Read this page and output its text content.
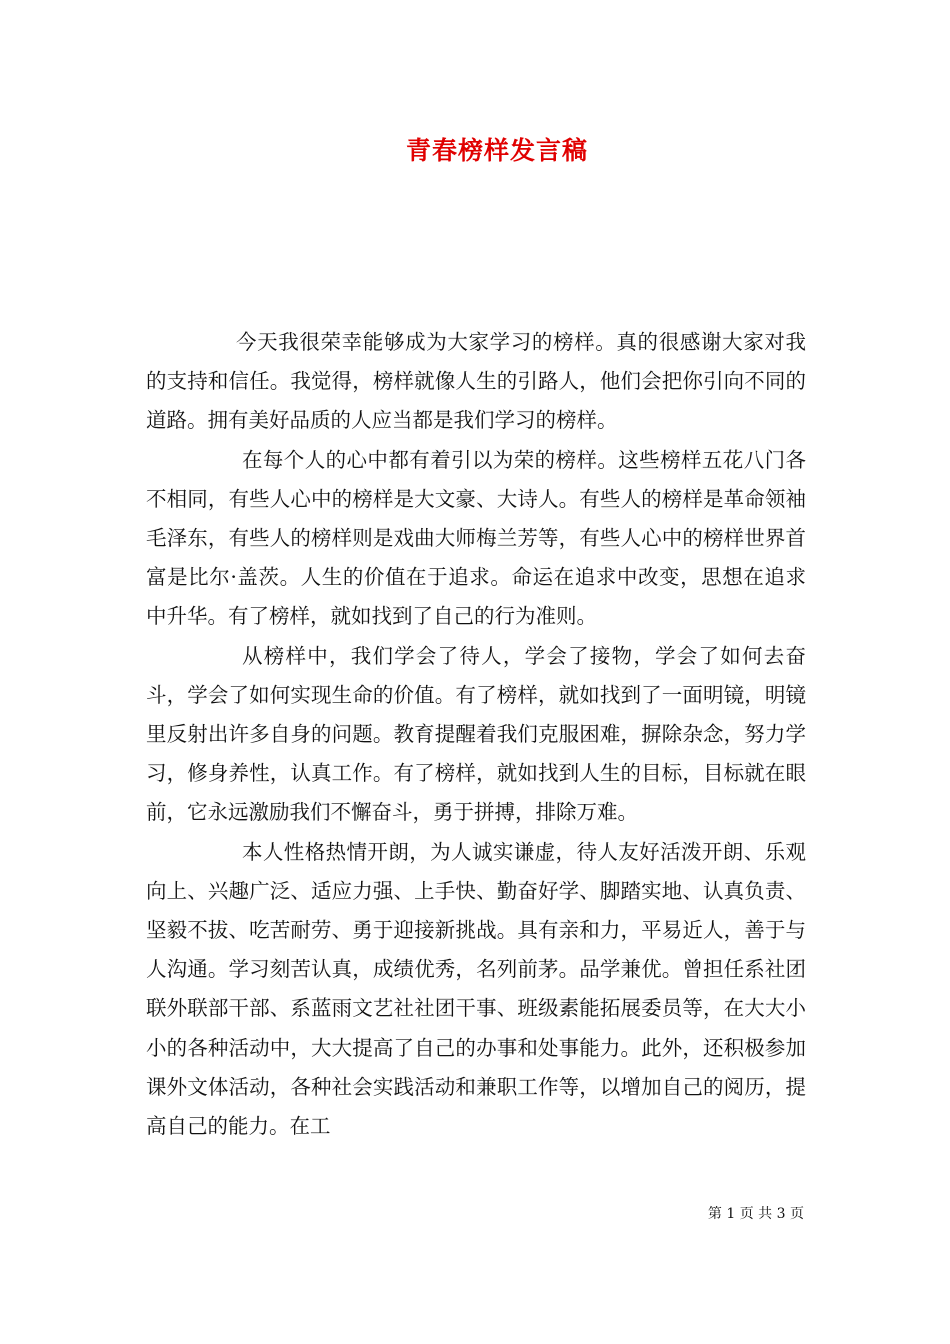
青春榜样发言稿

今天我很荣幸能够成为大家学习的榜样。真的很感谢大家对我的支持和信任。我觉得，榜样就像人生的引路人，他们会把你引向不同的道路。拥有美好品质的人应当都是我们学习的榜样。

在每个人的心中都有着引以为荣的榜样。这些榜样五花八门各不相同，有些人心中的榜样是大文豪、大诗人。有些人的榜样是革命领袖毛泽东，有些人的榜样则是戏曲大师梅兰芳等，有些人心中的榜样世界首富是比尔·盖茨。人生的价值在于追求。命运在追求中改变，思想在追求中升华。有了榜样，就如找到了自己的行为准则。

从榜样中，我们学会了待人，学会了接物，学会了如何去奋斗，学会了如何实现生命的价值。有了榜样，就如找到了一面明镜，明镜里反射出许多自身的问题。教育提醒着我们克服困难，摒除杂念，努力学习，修身养性，认真工作。有了榜样，就如找到人生的目标，目标就在眼前，它永远激励我们不懈奋斗，勇于拼搏，排除万难。

本人性格热情开朗，为人诚实谦虚，待人友好活泼开朗、乐观向上、兴趣广泛、适应力强、上手快、勤奋好学、脚踏实地、认真负责、坚毅不拔、吃苦耐劳、勇于迎接新挑战。具有亲和力，平易近人，善于与人沟通。学习刻苦认真，成绩优秀，名列前茅。品学兼优。曾担任系社团联外联部干部、系蓝雨文艺社社团干事、班级素能拓展委员等，在大大小小的各种活动中，大大提高了自己的办事和处事能力。此外，还积极参加课外文体活动，各种社会实践活动和兼职工作等，以增加自己的阅历，提高自己的能力。在工

第 1 页 共 3 页
